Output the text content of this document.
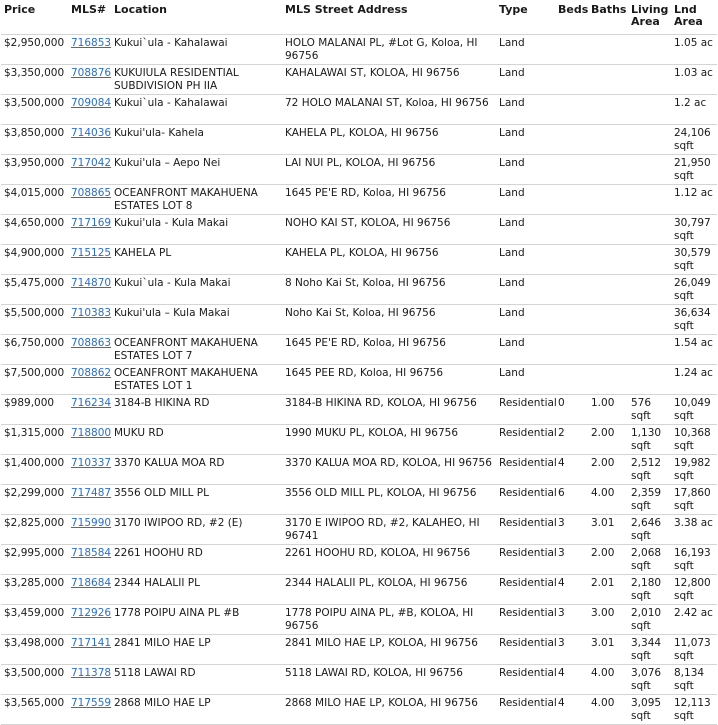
Price	MLS#	Location	MLS Street Address	Type	Beds	Baths	Living Area	Lnd Area
$2,950,000	716853	Kukui`ula - Kahalawai	HOLO MALANAI PL, #Lot G, Koloa, HI 96756	Land				1.05 ac
$3,350,000	708876	KUKUIULA RESIDENTIAL SUBDIVISION PH IIA	KAHALAWAI ST, KOLOA, HI 96756	Land				1.03 ac
$3,500,000	709084	Kukui`ula - Kahalawai	72 HOLO MALANAI ST, Koloa, HI 96756	Land				1.2 ac
$3,850,000	714036	Kukui'ula- Kahela	KAHELA PL, KOLOA, HI 96756	Land				24,106 sqft
$3,950,000	717042	Kukui'ula – Aepo Nei	LAI NUI PL, KOLOA, HI 96756	Land				21,950 sqft
$4,015,000	708865	OCEANFRONT MAKAHUENA ESTATES LOT 8	1645 PE'E RD, Koloa, HI 96756	Land				1.12 ac
$4,650,000	717169	Kukui'ula - Kula Makai	NOHO KAI ST, KOLOA, HI 96756	Land				30,797 sqft
$4,900,000	715125	KAHELA PL	KAHELA PL, KOLOA, HI 96756	Land				30,579 sqft
$5,475,000	714870	Kukui`ula - Kula Makai	8 Noho Kai St, Koloa, HI 96756	Land				26,049 sqft
$5,500,000	710383	Kukui'ula – Kula Makai	Noho Kai St, Koloa, HI 96756	Land				36,634 sqft
$6,750,000	708863	OCEANFRONT MAKAHUENA ESTATES LOT 7	1645 PE'E RD, Koloa, HI 96756	Land				1.54 ac
$7,500,000	708862	OCEANFRONT MAKAHUENA ESTATES LOT 1	1645 PEE RD, Koloa, HI 96756	Land				1.24 ac
$989,000	716234	3184-B HIKINA RD	3184-B HIKINA RD, KOLOA, HI 96756	Residential	0	1.00	576 sqft	10,049 sqft
$1,315,000	718800	MUKU RD	1990 MUKU PL, KOLOA, HI 96756	Residential	2	2.00	1,130 sqft	10,368 sqft
$1,400,000	710337	3370 KALUA MOA RD	3370 KALUA MOA RD, KOLOA, HI 96756	Residential	4	2.00	2,512 sqft	19,982 sqft
$2,299,000	717487	3556 OLD MILL PL	3556 OLD MILL PL, KOLOA, HI 96756	Residential	6	4.00	2,359 sqft	17,860 sqft
$2,825,000	715990	3170 IWIPOO RD, #2 (E)	3170 E IWIPOO RD, #2, KALAHEO, HI 96741	Residential	3	3.01	2,646 sqft	3.38 ac
$2,995,000	718584	2261 HOOHU RD	2261 HOOHU RD, KOLOA, HI 96756	Residential	3	2.00	2,068 sqft	16,193 sqft
$3,285,000	718684	2344 HALALII PL	2344 HALALII PL, KOLOA, HI 96756	Residential	4	2.01	2,180 sqft	12,800 sqft
$3,459,000	712926	1778 POIPU AINA PL #B	1778 POIPU AINA PL, #B, KOLOA, HI 96756	Residential	3	3.00	2,010 sqft	2.42 ac
$3,498,000	717141	2841 MILO HAE LP	2841 MILO HAE LP, KOLOA, HI 96756	Residential	3	3.01	3,344 sqft	11,073 sqft
$3,500,000	711378	5118 LAWAI RD	5118 LAWAI RD, KOLOA, HI 96756	Residential	4	4.00	3,076 sqft	8,134 sqft
$3,565,000	717559	2868 MILO HAE LP	2868 MILO HAE LP, KOLOA, HI 96756	Residential	4	4.00	3,095 sqft	12,113 sqft
